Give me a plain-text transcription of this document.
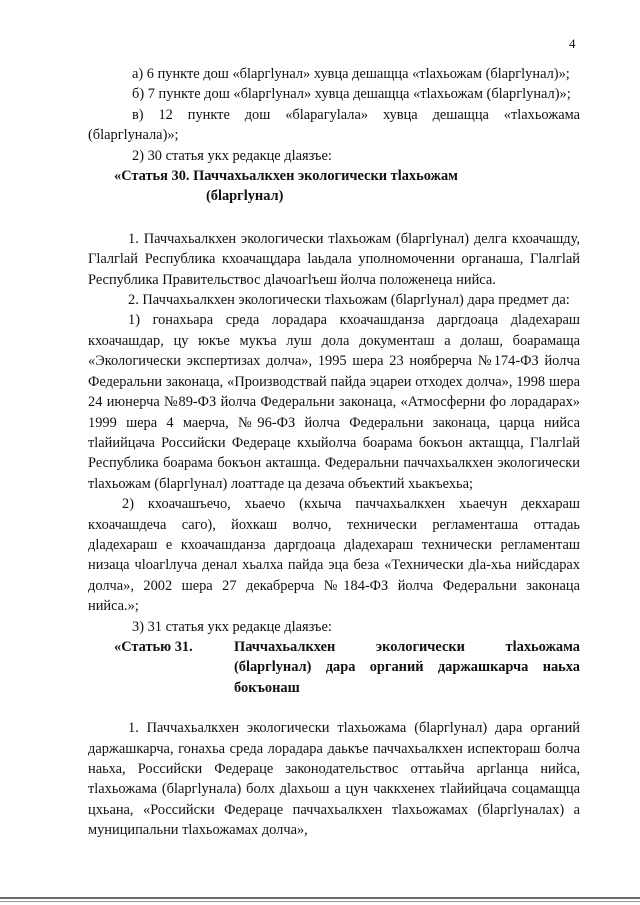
4

а) 6 пункте дош «бlаргlунал» хувца дешащца «тlахьожам (бlаргlунал)»;

б) 7 пункте дош «бlаргlунал» хувца дешащца «тlахьожам (бlаргlунал)»;

в) 12 пункте дош «бlарагуlала» хувца дешащца «тlахьожама (бlаргlунала)»;

2) 30 статья укх редакце дlаязъе:

«Статья 30. Паччахьалкхен экологически тlахьожам
(бlаргlунал)

1. Паччахьалкхен экологически тlахьожам (бlаргlунал) делга кхоачашду, Гlалгlай Республика кхоачащдара lаьдала уполномоченни органаша, Гlалгlай Республика Правительствос дlачоагlъеш йолча положенеца нийса.

2. Паччахьалкхен экологически тlахьожам (бlаргlунал) дара предмет да:

1) гонахьара среда лорадара кхоачашданза даргдоаца дlадехараш кхоачашдар, цу юкъе мукъа луш дола документаш а долаш, боарамаща «Экологически экспертизах долча», 1995 шера 23 ноябрерча №174-ФЗ йолча Федеральни законаца, «Производствай пайда эцареи отходех долча», 1998 шера 24 июнерча №89-ФЗ йолча Федеральни законаца, «Атмосферни фо лорадарах» 1999 шера 4 маерча, №96-ФЗ йолча Федеральни законаца, царца нийса тlайийцача Российски Федераце кхыйолча боарама бокъон актащца, Гlалгlай Республика боарама бокъон акташца. Федеральни паччахьалкхен экологически тlахьожам (бlаргlунал) лоаттаде ца дезача объектий хьакъехьа;

2) кхоачашъечо, хьаечо (кхыча паччахьалкхен хьаечун декхараш кхоачашдеча саго), йохкаш волчо, технически регламенташа оттадаь дlадехараш е кхоачашданза даргдоаца дlадехараш технически регламенташ низаца чlоагlлуча денал хьалха пайда эца беза «Технически дlа-хьа нийсдарах долча», 2002 шера 27 декабрерча №184-ФЗ йолча Федеральни законаца нийса.»;

3) 31 статья укх редакце дlаязъе:

«Статью 31.	Паччахьалкхен экологически тlахьожама (бlаргlунал) дара органий даржашкарча наьха бокъонаш

1. Паччахьалкхен экологически тlахьожама (бlаргlунал) дара органий даржашкарча, гонахьа среда лорадара даькъе паччахьалкхен испектораш болча наьха, Российски Федераце законодательствос оттаьйча аргlанца нийса, тlахьожама (бlаргlунала) болх дlахьош а цун чаккхенех тlайийцача соцамащца цхьана, «Российски Федераце паччахьалкхен тlахьожамах (бlаргlуналах) а муниципальни тlахьожамах долча»,
